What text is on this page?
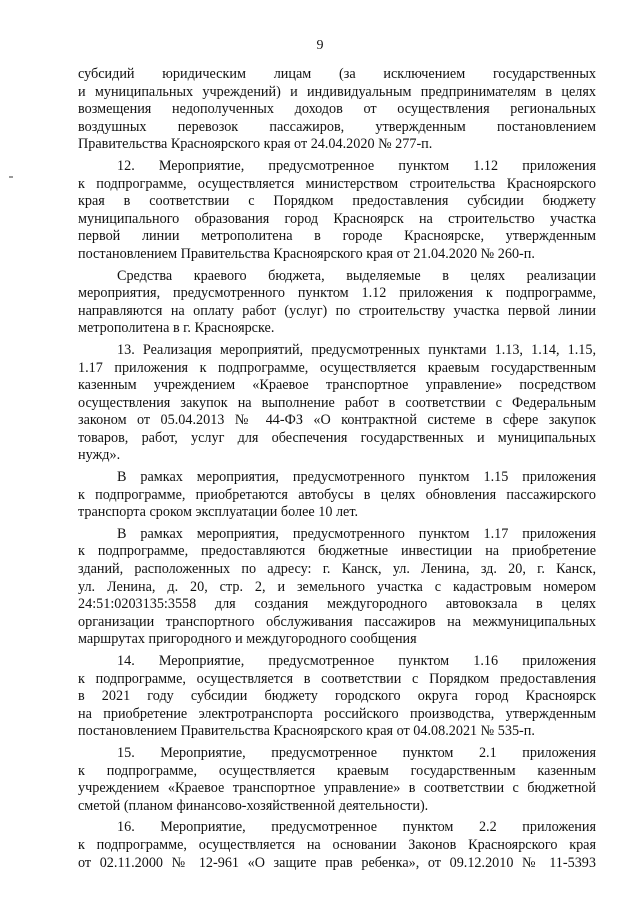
9

субсидий юридическим лицам (за исключением государственных
и муниципальных учреждений) и индивидуальным предпринимателям в целях
возмещения недополученных доходов от осуществления региональных
воздушных перевозок пассажиров, утвержденным постановлением
Правительства Красноярского края от 24.04.2020 № 277-п.

12. Мероприятие, предусмотренное пунктом 1.12 приложения
к подпрограмме, осуществляется министерством строительства Красноярского
края в соответствии с Порядком предоставления субсидии бюджету
муниципального образования город Красноярск на строительство участка
первой линии метрополитена в городе Красноярске, утвержденным
постановлением Правительства Красноярского края от 21.04.2020 № 260-п.

Средства краевого бюджета, выделяемые в целях реализации
мероприятия, предусмотренного пунктом 1.12 приложения к подпрограмме,
направляются на оплату работ (услуг) по строительству участка первой линии
метрополитена в г. Красноярске.

13. Реализация мероприятий, предусмотренных пунктами 1.13, 1.14, 1.15,
1.17 приложения к подпрограмме, осуществляется краевым государственным
казенным учреждением «Краевое транспортное управление» посредством
осуществления закупок на выполнение работ в соответствии с Федеральным
законом от 05.04.2013 № 44-ФЗ «О контрактной системе в сфере закупок
товаров, работ, услуг для обеспечения государственных и муниципальных
нужд».

В рамках мероприятия, предусмотренного пунктом 1.15 приложения
к подпрограмме, приобретаются автобусы в целях обновления пассажирского
транспорта сроком эксплуатации более 10 лет.

В рамках мероприятия, предусмотренного пунктом 1.17 приложения
к подпрограмме, предоставляются бюджетные инвестиции на приобретение
зданий, расположенных по адресу: г. Канск, ул. Ленина, зд. 20, г. Канск,
ул. Ленина, д. 20, стр. 2, и земельного участка с кадастровым номером
24:51:0203135:3558 для создания междугородного автовокзала в целях
организации транспортного обслуживания пассажиров на межмуниципальных
маршрутах пригородного и междугородного сообщения

14. Мероприятие, предусмотренное пунктом 1.16 приложения
к подпрограмме, осуществляется в соответствии с Порядком предоставления
в 2021 году субсидии бюджету городского округа город Красноярск
на приобретение электротранспорта российского производства, утвержденным
постановлением Правительства Красноярского края от 04.08.2021 № 535-п.

15. Мероприятие, предусмотренное пунктом 2.1 приложения
к подпрограмме, осуществляется краевым государственным казенным
учреждением «Краевое транспортное управление» в соответствии с бюджетной
сметой (планом финансово-хозяйственной деятельности).

16. Мероприятие, предусмотренное пунктом 2.2 приложения
к подпрограмме, осуществляется на основании Законов Красноярского края
от 02.11.2000 № 12-961 «О защите прав ребенка», от 09.12.2010 № 11-5393
